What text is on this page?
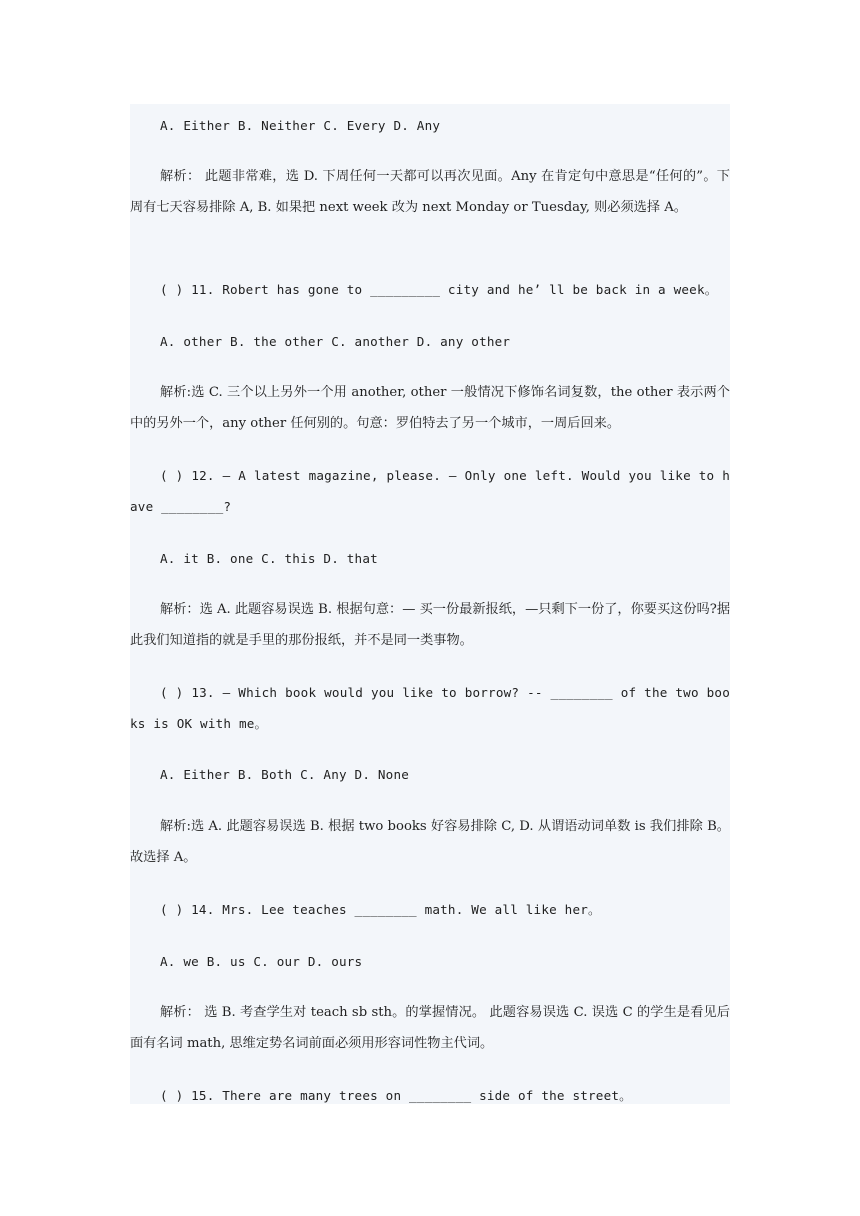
A. Either B. Neither C. Every D. Any

解析： 此题非常难，选 D. 下周任何一天都可以再次见面。Any 在肯定句中意思是“任何的”。下周有七天容易排除 A, B. 如果把 next week 改为 next Monday or Tuesday, 则必须选择 A。

( ) 11. Robert has gone to _________ city and he’ ll be back in a week。

A. other B. the other C. another D. any other

解析:选 C. 三个以上另外一个用 another, other 一般情况下修饰名词复数，the other 表示两个中的另外一个，any other 任何别的。句意：罗伯特去了另一个城市，一周后回来。

( ) 12. – A latest magazine, please. – Only one left. Would you like to have ________?

A. it B. one C. this D. that

解析：选 A. 此题容易误选 B. 根据句意：— 买一份最新报纸，—只剩下一份了，你要买这份吗?据此我们知道指的就是手里的那份报纸，并不是同一类事物。

( ) 13. – Which book would you like to borrow? -- ________ of the two books is OK with me。

A. Either B. Both C. Any D. None

解析:选 A. 此题容易误选 B. 根据 two books 好容易排除 C, D. 从谓语动词单数 is 我们排除 B。故选择 A。

( ) 14. Mrs. Lee teaches ________ math. We all like her。

A. we B. us C. our D. ours

解析： 选 B. 考查学生对 teach sb sth。的掌握情况。 此题容易误选 C. 误选 C 的学生是看见后面有名词 math, 思维定势名词前面必须用形容词性物主代词。

( ) 15. There are many trees on ________ side of the street。
